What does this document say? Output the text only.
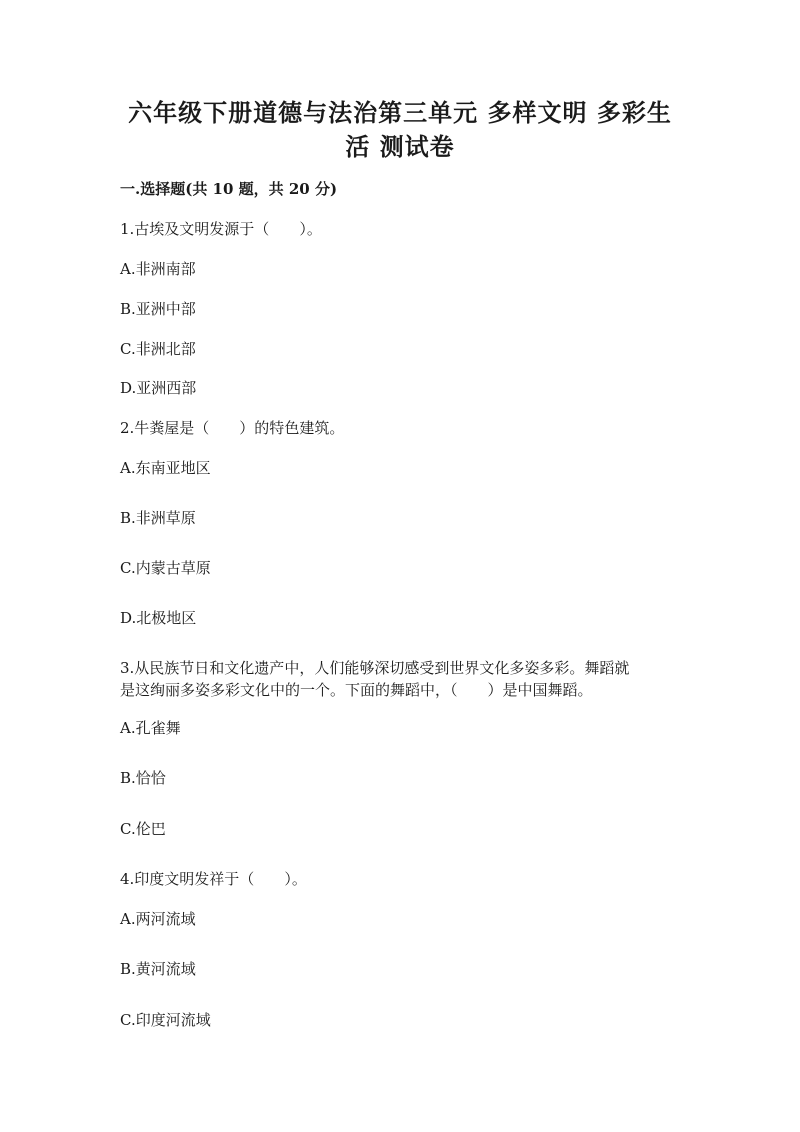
六年级下册道德与法治第三单元 多样文明 多彩生
活 测试卷
一.选择题(共 10 题，共 20 分)
1.古埃及文明发源于（　　）。
A.非洲南部
B.亚洲中部
C.非洲北部
D.亚洲西部
2.牛粪屋是（　　）的特色建筑。
A.东南亚地区
B.非洲草原
C.内蒙古草原
D.北极地区
3.从民族节日和文化遗产中，人们能够深切感受到世界文化多姿多彩。舞蹈就
是这绚丽多姿多彩文化中的一个。下面的舞蹈中，（　　）是中国舞蹈。
A.孔雀舞
B.恰恰
C.伦巴
4.印度文明发祥于（　　）。
A.两河流域
B.黄河流域
C.印度河流域
